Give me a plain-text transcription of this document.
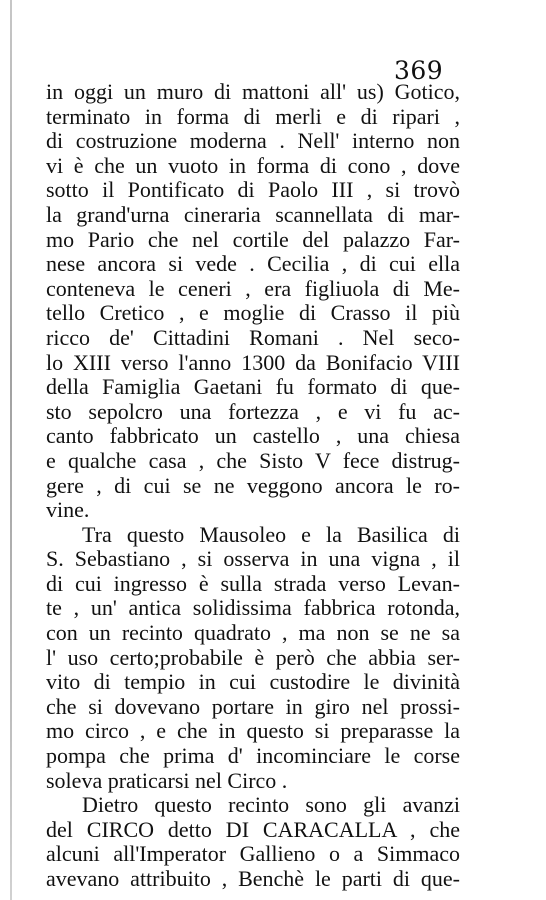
369
in oggi un muro di mattoni all' us) Gotico,
terminato in forma di merli e di ripari ,
di costruzione moderna . Nell' interno non
vi è che un vuoto in forma di cono , dove
sotto il Pontificato di Paolo III , si trovò
la grand'urna cineraria scannellata di mar-
mo Pario che nel cortile del palazzo Far-
nese ancora si vede . Cecilia , di cui ella
conteneva le ceneri , era figliuola di Me-
tello Cretico , e moglie di Crasso il più
ricco de' Cittadini Romani . Nel seco-
lo XIII verso l'anno 1300 da Bonifacio VIII
della Famiglia Gaetani fu formato di que-
sto sepolcro una fortezza , e vi fu ac-
canto fabbricato un castello , una chiesa
e qualche casa , che Sisto V fece distrug-
gere , di cui se ne veggono ancora le ro-
vine.
Tra questo Mausoleo e la Basilica di
S. Sebastiano , si osserva in una vigna , il
di cui ingresso è sulla strada verso Levan-
te , un' antica solidissima fabbrica rotonda,
con un recinto quadrato , ma non se ne sa
l' uso certo;probabile è però che abbia ser-
vito di tempio in cui custodire le divinità
che si dovevano portare in giro nel prossi-
mo circo , e che in questo si preparasse la
pompa che prima d' incominciare le corse
soleva praticarsi nel Circo .
Dietro questo recinto sono gli avanzi
del CIRCO detto DI CARACALLA , che
alcuni all'Imperator Gallieno o a Simmaco
avevano attribuito , Benchè le parti di que-
